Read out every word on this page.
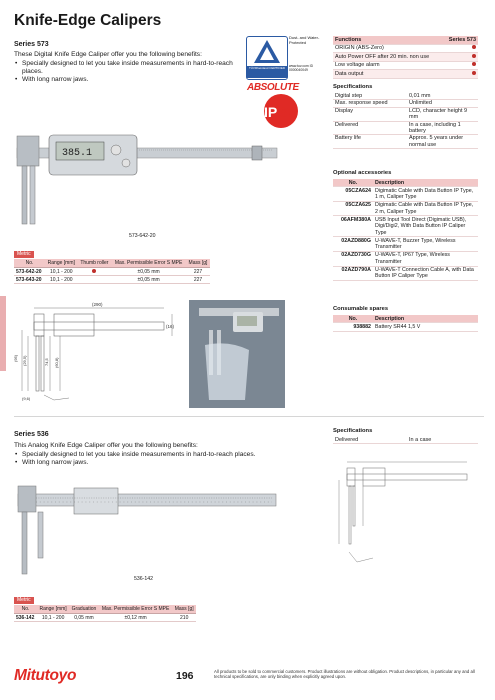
Knife-Edge Calipers
Series 573
These Digital Knife Edge Caliper offer you the following benefits:
• Specially designed to let you take inside measurements in hard-to-reach places.
• With long narrow jaws.
TÜVRheinland CERTIFIED
Dust- and Water-Protected
www.tuv.com ID 0000040049
ABSOLUTE
IP 67
385.1
573-642-20
Metric
No.	Range [mm]	Thumb roller	Max. Permissible Error S MPE	Mass [g]
573-642-20	10,1 - 200		±0,05 mm	227
573-643-20	10,1 - 200		±0,05 mm	227
(290)
(16)
(95) (29,5)	74,5 (60,8)
(9,6)
Functions	Series 573
ORIGIN (ABS-Zero)	
Auto Power OFF after 20 min. non use	
Low voltage alarm	
Data output	
Specifications
Digital step	0,01 mm
Max. response speed	Unlimited
Display	LCD, character height 9 mm
Delivered	In a case, including 1 battery
Battery life	Approx. 5 years under normal use
Optional accessories
No.	Description
05CZA624	Digimatic Cable with Data Button IP Type, 1 m, Caliper Type
05CZA625	Digimatic Cable with Data Button IP Type, 2 m, Caliper Type
06AFM380A	USB Input Tool Direct (Digimatic USB), Digi/Digi2, With Data Button IP Caliper Type
02AZD880G	U-WAVE-T, Buzzer Type, Wireless Transmitter
02AZD730G	U-WAVE-T, IP67 Type, Wireless Transmitter
02AZD790A	U-WAVE-T Connection Cable A, with Data Button IP Caliper Type
Consumable spares
No.	Description
938882	Battery SR44 1,5 V
Series 536
This Analog Knife Edge Caliper offer you the following benefits:
• Specially designed to let you take inside measurements in hard-to-reach places.
• With long narrow jaws.
536-142
Metric
No.	Range [mm]	Graduation	Max. Permissible Error S MPE	Mass [g]
536-142	10,1 - 200	0,05 mm	±0,12 mm	210
Specifications
Delivered	In a case
Mitutoyo	196	All products to be sold to commercial customers. Product illustrations are without obligation. Product descriptions, in particular any and all technical specifications, are only binding when explicitly agreed upon.
